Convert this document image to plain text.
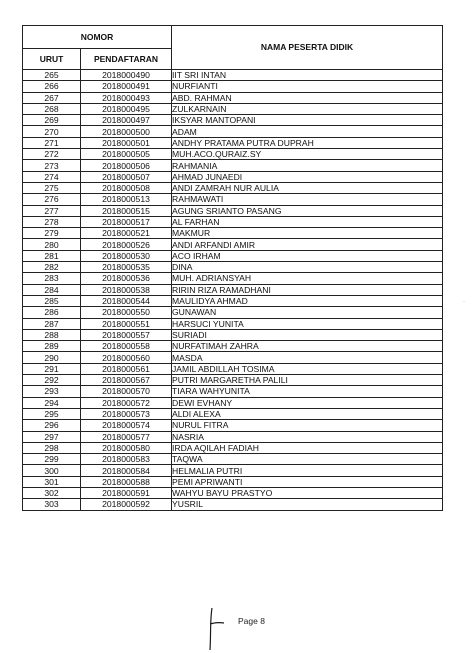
NOMOR		NAMA PESERTA DIDIK
URUT	PENDAFTARAN	
265	2018000490	IIT SRI INTAN
266	2018000491	NURFIANTI
267	2018000493	ABD. RAHMAN
268	2018000495	ZULKARNAIN
269	2018000497	IKSYAR MANTOPANI
270	2018000500	ADAM
271	2018000501	ANDHY PRATAMA PUTRA DUPRAH
272	2018000505	MUH.ACO.QURAIZ.SY
273	2018000506	RAHMANIA
274	2018000507	AHMAD JUNAEDI
275	2018000508	ANDI ZAMRAH NUR AULIA
276	2018000513	RAHMAWATI
277	2018000515	AGUNG SRIANTO PASANG
278	2018000517	AL FARHAN
279	2018000521	MAKMUR
280	2018000526	ANDI ARFANDI AMIR
281	2018000530	ACO IRHAM
282	2018000535	DINA
283	2018000536	MUH. ADRIANSYAH
284	2018000538	RIRIN RIZA RAMADHANI
285	2018000544	MAULIDYA AHMAD
286	2018000550	GUNAWAN
287	2018000551	HARSUCI YUNITA
288	2018000557	SURIADI
289	2018000558	NURFATIMAH ZAHRA
290	2018000560	MASDA
291	2018000561	JAMIL ABDILLAH TOSIMA
292	2018000567	PUTRI MARGARETHA PALILI
293	2018000570	TIARA WAHYUNITA
294	2018000572	DEWI EVHANY
295	2018000573	ALDI ALEXA
296	2018000574	NURUL FITRA
297	2018000577	NASRIA
298	2018000580	IRDA AQILAH FADIAH
299	2018000583	TAQWA
300	2018000584	HELMALIA PUTRI
301	2018000588	PEMI APRIWANTI
302	2018000591	WAHYU BAYU PRASTYO
303	2018000592	YUSRIL
·
Page 8
